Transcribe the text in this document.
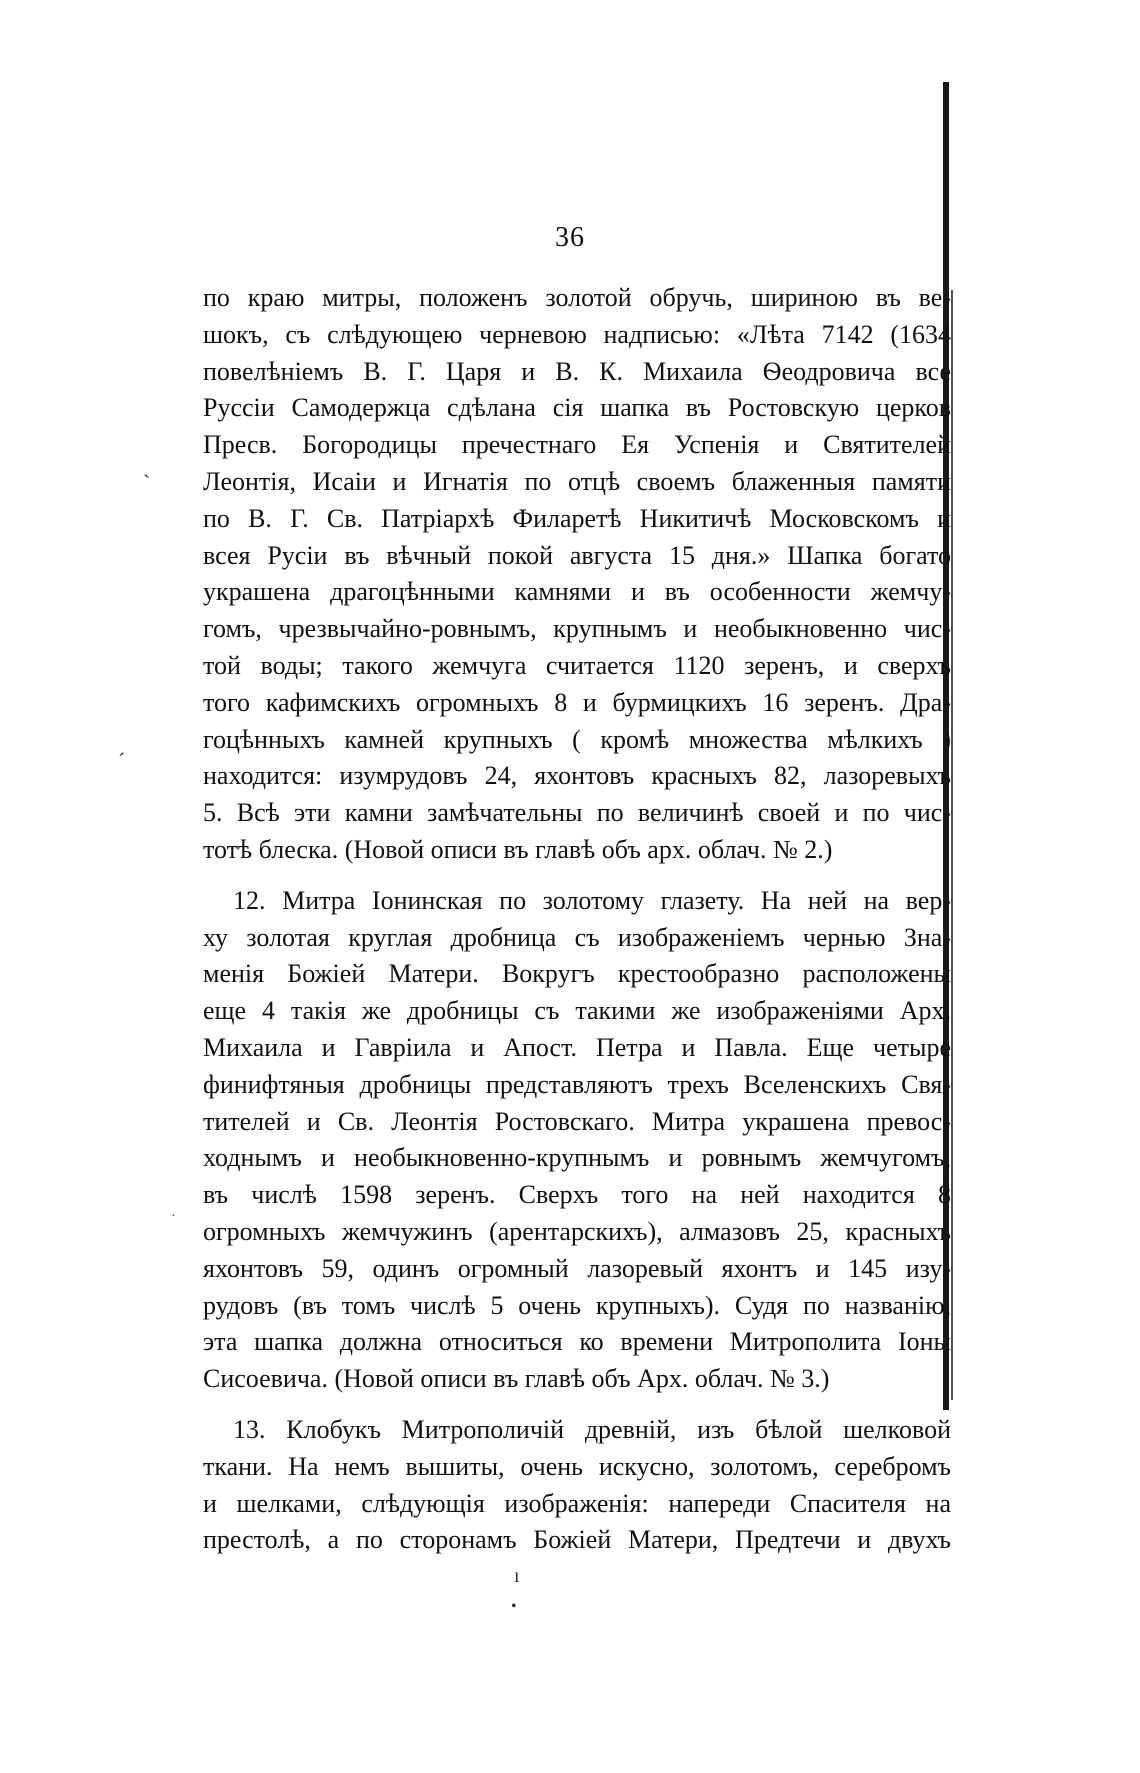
36
ˋ
ˊ
·
ı
•
по краю митры, положенъ золотой обручь, шириною въ ве-
шокъ, съ слѣдующею черневою надписью: «Лѣта 7142 (1634
повелѣніемъ В. Г. Царя и В. К. Михаила Ѳеодровича все
Руссіи Самодержца сдѣлана сія шапка въ Ростовскую церков
Пресв. Богородицы пречестнаго Ея Успенія и Святителей
Леонтія, Исаіи и Игнатія по отцѣ своемъ блаженныя памяти
по В. Г. Св. Патріархѣ Филаретѣ Никитичѣ Московскомъ и
всея Русіи въ вѣчный покой августа 15 дня.» Шапка богато
украшена драгоцѣнными камнями и въ особенности жемчу-
гомъ, чрезвычайно-ровнымъ, крупнымъ и необыкновенно чис-
той воды; такого жемчуга считается 1120 зеренъ, и сверхъ
того кафимскихъ огромныхъ 8 и бурмицкихъ 16 зеренъ. Дра-
гоцѣнныхъ камней крупныхъ ( кромѣ множества мѣлкихъ )
находится: изумрудовъ 24, яхонтовъ красныхъ 82, лазоревыхъ
5. Всѣ эти камни замѣчательны по величинѣ своей и по чис-
тотѣ блеска. (Новой описи въ главѣ объ арх. облач. № 2.)
12. Митра Іонинская по золотому глазету. На ней на вер-
ху золотая круглая дробница съ изображеніемъ чернью Зна-
менія Божіей Матери. Вокругъ крестообразно расположены
еще 4 такія же дробницы съ такими же изображеніями Арх.
Михаила и Гавріила и Апост. Петра и Павла. Еще четыре
финифтяныя дробницы представляютъ трехъ Вселенскихъ Свя-
тителей и Св. Леонтія Ростовскаго. Митра украшена превос-
ходнымъ и необыкновенно-крупнымъ и ровнымъ жемчугомъ,
въ числѣ 1598 зеренъ. Сверхъ того на ней находится 8
огромныхъ жемчужинъ (арентарскихъ), алмазовъ 25, красныхъ
яхонтовъ 59, одинъ огромный лазоревый яхонтъ и 145 изу-
рудовъ (въ томъ числѣ 5 очень крупныхъ). Судя по названію,
эта шапка должна относиться ко времени Митрополита Іоны
Сисоевича. (Новой описи въ главѣ объ Арх. облач. № 3.)
13. Клобукъ Митрополичій древній, изъ бѣлой шелковой
ткани. На немъ вышиты, очень искусно, золотомъ, серебромъ
и шелками, слѣдующія изображенія: напереди Спасителя на
престолѣ, а по сторонамъ Божіей Матери, Предтечи и двухъ
